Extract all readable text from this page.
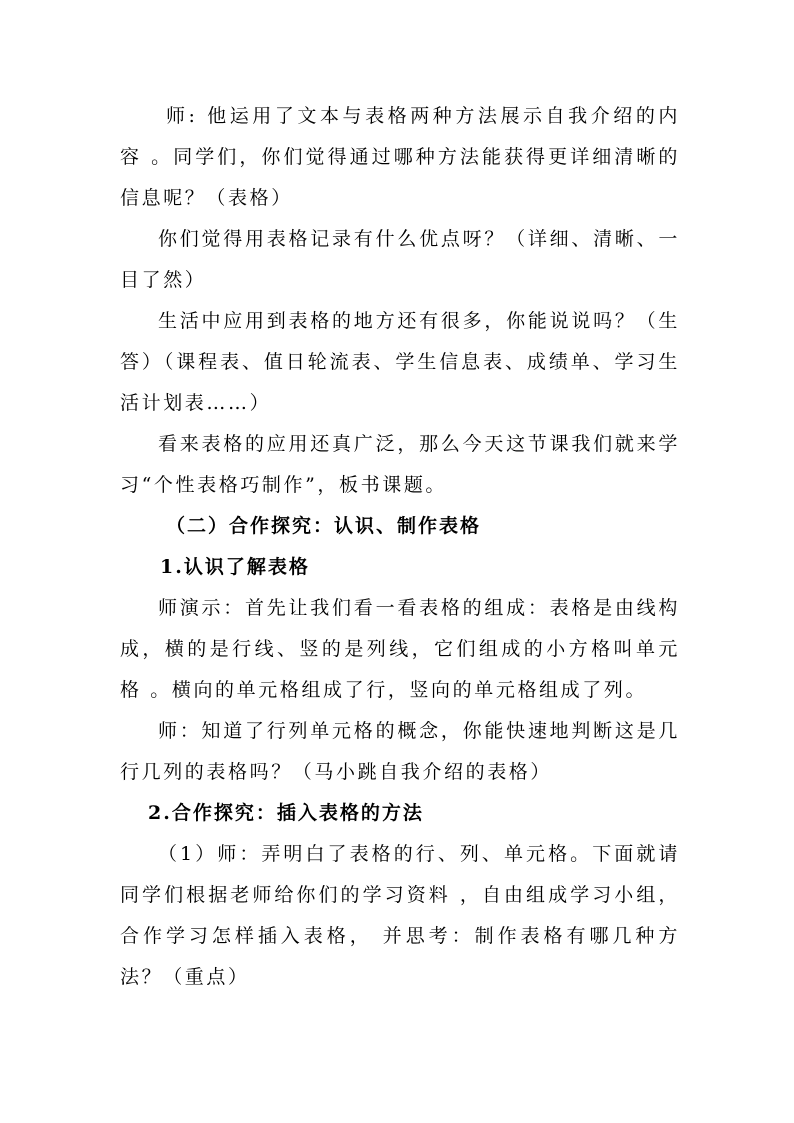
师: 他运用了文本与表格两种方法展示自我介绍的内容 。同学们，你们觉得通过哪种方法能获得更详细清晰的信息呢？（表格）

你们觉得用表格记录有什么优点呀？（详细、清晰、一目了然）

生活中应用到表格的地方还有很多，你能说说吗？（生答）（课程表、值日轮流表、学生信息表、成绩单、学习生活计划表……）

看来表格的应用还真广泛，那么今天这节课我们就来学习“个性表格巧制作”，板书课题。

（二）合作探究：认识、制作表格

1.认识了解表格

师演示：首先让我们看一看表格的组成：表格是由线构成，横的是行线、竖的是列线，它们组成的小方格叫单元格 。横向的单元格组成了行，竖向的单元格组成了列。

师：知道了行列单元格的概念，你能快速地判断这是几行几列的表格吗？（马小跳自我介绍的表格）

2.合作探究：插入表格的方法

（1）师：弄明白了表格的行、列、单元格。下面就请同学们根据老师给你们的学习资料 ，自由组成学习小组，合作学习怎样插入表格， 并思考：制作表格有哪几种方法？（重点）
